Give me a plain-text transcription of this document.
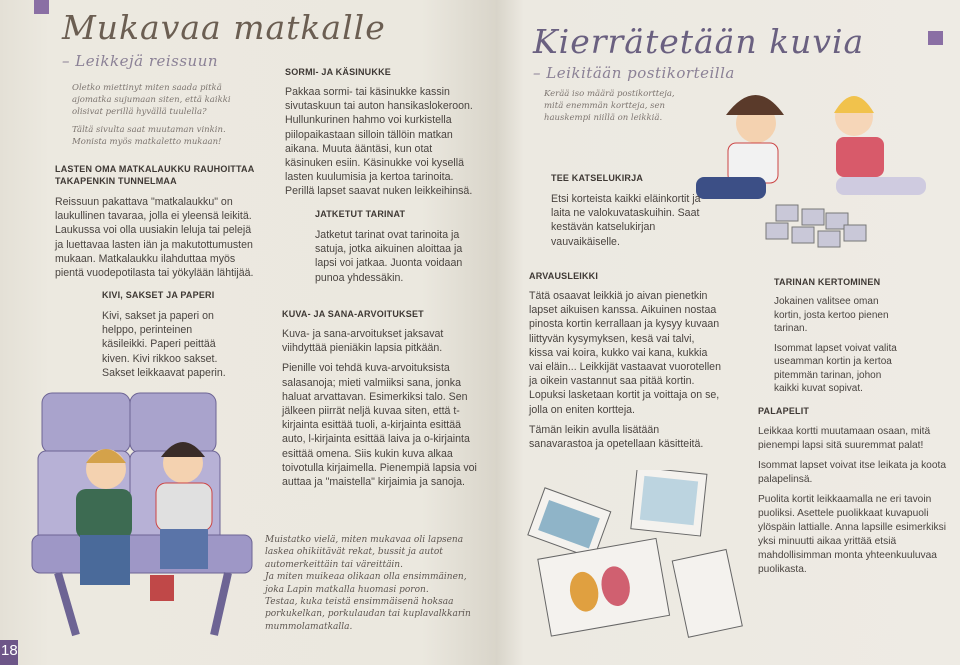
Mukavaa matkalle
– Leikkejä reissuun

Oletko miettinyt miten saada pitkä ajomatka sujumaan siten, että kaikki olisivat perillä hyvällä tuulella?

Tältä sivulta saat muutaman vinkin. Monista myös matkaletto mukaan!

LASTEN OMA MATKALAUKKU RAUHOITTAA TAKAPENKIN TUNNELMAA

Reissuun pakattava "matkalaukku" on laukullinen tavaraa, jolla ei yleensä leikitä. Laukussa voi olla uusiakin leluja tai pelejä ja luettavaa lasten iän ja makutottumusten mukaan. Matkalaukku ilahduttaa myös pientä vuodepotilasta tai yökylään lähtijää.

KIVI, SAKSET JA PAPERI

Kivi, sakset ja paperi on helppo, perinteinen käsileikki. Paperi peittää kiven. Kivi rikkoo sakset. Sakset leikkaavat paperin.

SORMI- JA KÄSINUKKE

Pakkaa sormi- tai käsinukke kassin sivutaskuun tai auton hansikaslokeroon. Hullunkurinen hahmo voi kurkistella piilopaikastaan silloin tällöin matkan aikana. Muuta ääntäsi, kun otat käsinuken esiin. Käsinukke voi kysellä lasten kuulumisia ja kertoa tarinoita. Perillä lapset saavat nuken leikkeihinsä.

JATKETUT TARINAT

Jatketut tarinat ovat tarinoita ja satuja, jotka aikuinen aloittaa ja lapsi voi jatkaa. Juonta voidaan punoa yhdessäkin.

KUVA- JA SANA-ARVOITUKSET

Kuva- ja sana-arvoitukset jaksavat viihdyttää pieniäkin lapsia pitkään.

Pienille voi tehdä kuva-arvoituksista salasanoja; mieti valmiiksi sana, jonka haluat arvattavan. Esimerkiksi talo. Sen jälkeen piirrät neljä kuvaa siten, että t-kirjainta esittää tuoli, a-kirjainta esittää auto, l-kirjainta esittää laiva ja o-kirjainta esittää omena. Siis kukin kuva alkaa toivotulla kirjaimella. Pienempiä lapsia voi auttaa ja "maistella" kirjaimia ja sanoja.

Muistatko vielä, miten mukavaa oli lapsena laskea ohikiitävät rekat, bussit ja autot automerkeittäin tai väreittäin.
Ja miten muikeaa olikaan olla ensimmäinen, joka Lapin matkalla huomasi poron.
Testaa, kuka teistä ensimmäisenä hoksaa porkukelkan, porkulaudan tai kuplavalkkarin mummolamatkalla.
18
Kierrätetään kuvia
– Leikitään postikorteilla
Kerää iso määrä postikortteja, mitä enemmän kortteja, sen hauskempi niillä on leikkiä.
TEE KATSELUKIRJA

Etsi korteista kaikki eläinkortit ja laita ne valokuvataskuihin. Saat kestävän katselukirjan vauvaikäiselle.

ARVAUSLEIKKI

Tätä osaavat leikkiä jo aivan pienetkin lapset aikuisen kanssa. Aikuinen nostaa pinosta kortin kerrallaan ja kysyy kuvaan liittyvän kysymyksen, kesä vai talvi, kissa vai koira, kukko vai kana, kukkia vai eläin... Leikkijät vastaavat vuorotellen ja oikein vastannut saa pitää kortin. Lopuksi lasketaan kortit ja voittaja on se, jolla on eniten kortteja.

Tämän leikin avulla lisätään sanavarastoa ja opetellaan käsitteitä.

TARINAN KERTOMINEN

Jokainen valitsee oman kortin, josta kertoo pienen tarinan.

Isommat lapset voivat valita useamman kortin ja kertoa pitemmän tarinan, johon kaikki kuvat sopivat.

PALAPELIT

Leikkaa kortti muutamaan osaan, mitä pienempi lapsi sitä suuremmat palat!

Isommat lapset voivat itse leikata ja koota palapelinsä.

Puolita kortit leikkaamalla ne eri tavoin puoliksi. Asettele puolikkaat kuvapuoli ylöspäin lattialle. Anna lapsille esimerkiksi yksi minuutti aikaa yrittää etsiä mahdollisimman monta yhteenkuuluvaa puolikasta.
